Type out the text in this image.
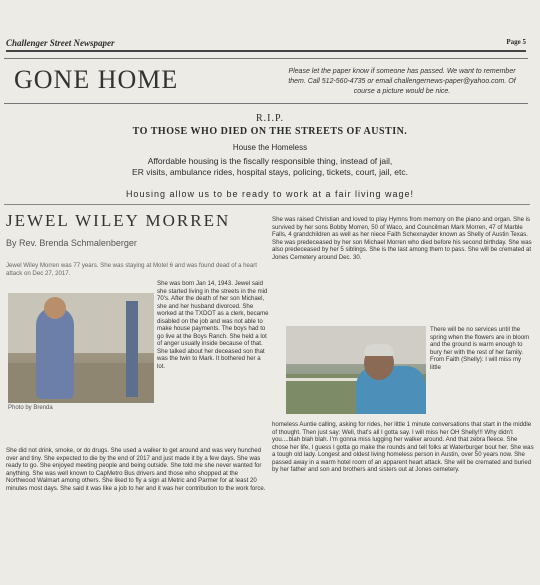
Challenger Street Newspaper	Page 5
GONE HOME	Please let the paper know if someone has passed. We want to remember them. Call 512-560-4735 or email challengernews-paper@yahoo.com. Of course a picture would be nice.
R.I.P.
TO THOSE WHO DIED ON THE STREETS OF AUSTIN.
House the Homeless
Affordable housing is the fiscally responsible thing, instead of jail,
ER visits, ambulance rides, hospital stays, policing, tickets, court, jail, etc.
Housing allow us to be ready to work at a fair living wage!
JEWEL WILEY MORREN
By Rev. Brenda Schmalenberger

Jewel Wiley Morren was 77 years. She was staying at Motel 6 and was found dead of a heart attack on Dec 27, 2017.

Photo by Brenda

She was born Jan 14, 1943. Jewel said she started living in the streets in the mid 70's. After the death of her son Michael, she and her husband divorced. She worked at the TXDOT as a clerk, became disabled on the job and was not able to make house payments. The boys had to go live at the Boys Ranch. She held a lot of anger usually inside because of that. She talked about her deceased son that was the twin to Mark. It bothered her a lot.

She did not drink, smoke, or do drugs. She used a walker to get around and was very hunched over and tiny. She expected to die by the end of 2017 and just made it by a few days. She was ready to go. She enjoyed meeting people and being outside. She told me she never wanted for anything. She was well known to CapMetro Bus drivers and those who shopped at the Northwood Walmart among others. She liked to fly a sign at Metric and Parmer for at least 20 minutes most days. She said it was like a job to her and it was her contribution to the work force.

She was raised Christian and loved to play Hymns from memory on the piano and organ. She is survived by her sons Bobby Morren, 50 of Waco, and Councilman Mark Morren, 47 of Marble Falls, 4 grandchildren as well as her niece Faith Schexnayder known as Shelly of Austin Texas. She was predeceased by her son Michael Morren who died before his second birthday. She was also predeceased by her 5 siblings. She is the last among them to pass. She will be cremated at Jones Cemetery around Dec. 30.

There will be no services until the spring when the flowers are in bloom and the ground is warm enough to bury her with the rest of her family. From Faith (Shelly): I will miss my little

homeless Auntie calling, asking for rides, her little 1 minute conversations that start in the middle of thought. Then just say: Well, that's all I gotta say. I will miss her OH Shelly!!! Why didn't you....blah blah blah. I'm gonna miss lugging her walker around. And that zebra fleece. She chose her life, I guess I gotta go make the rounds and tell folks at Waterburger bout her. She was a tough old lady. Longest and oldest living homeless person in Austin, over 50 years now. She passed away in a warm hotel room of an apparent heart attack. She will be cremated and buried by her father and son and brothers and sisters out at Jones cemetery.
